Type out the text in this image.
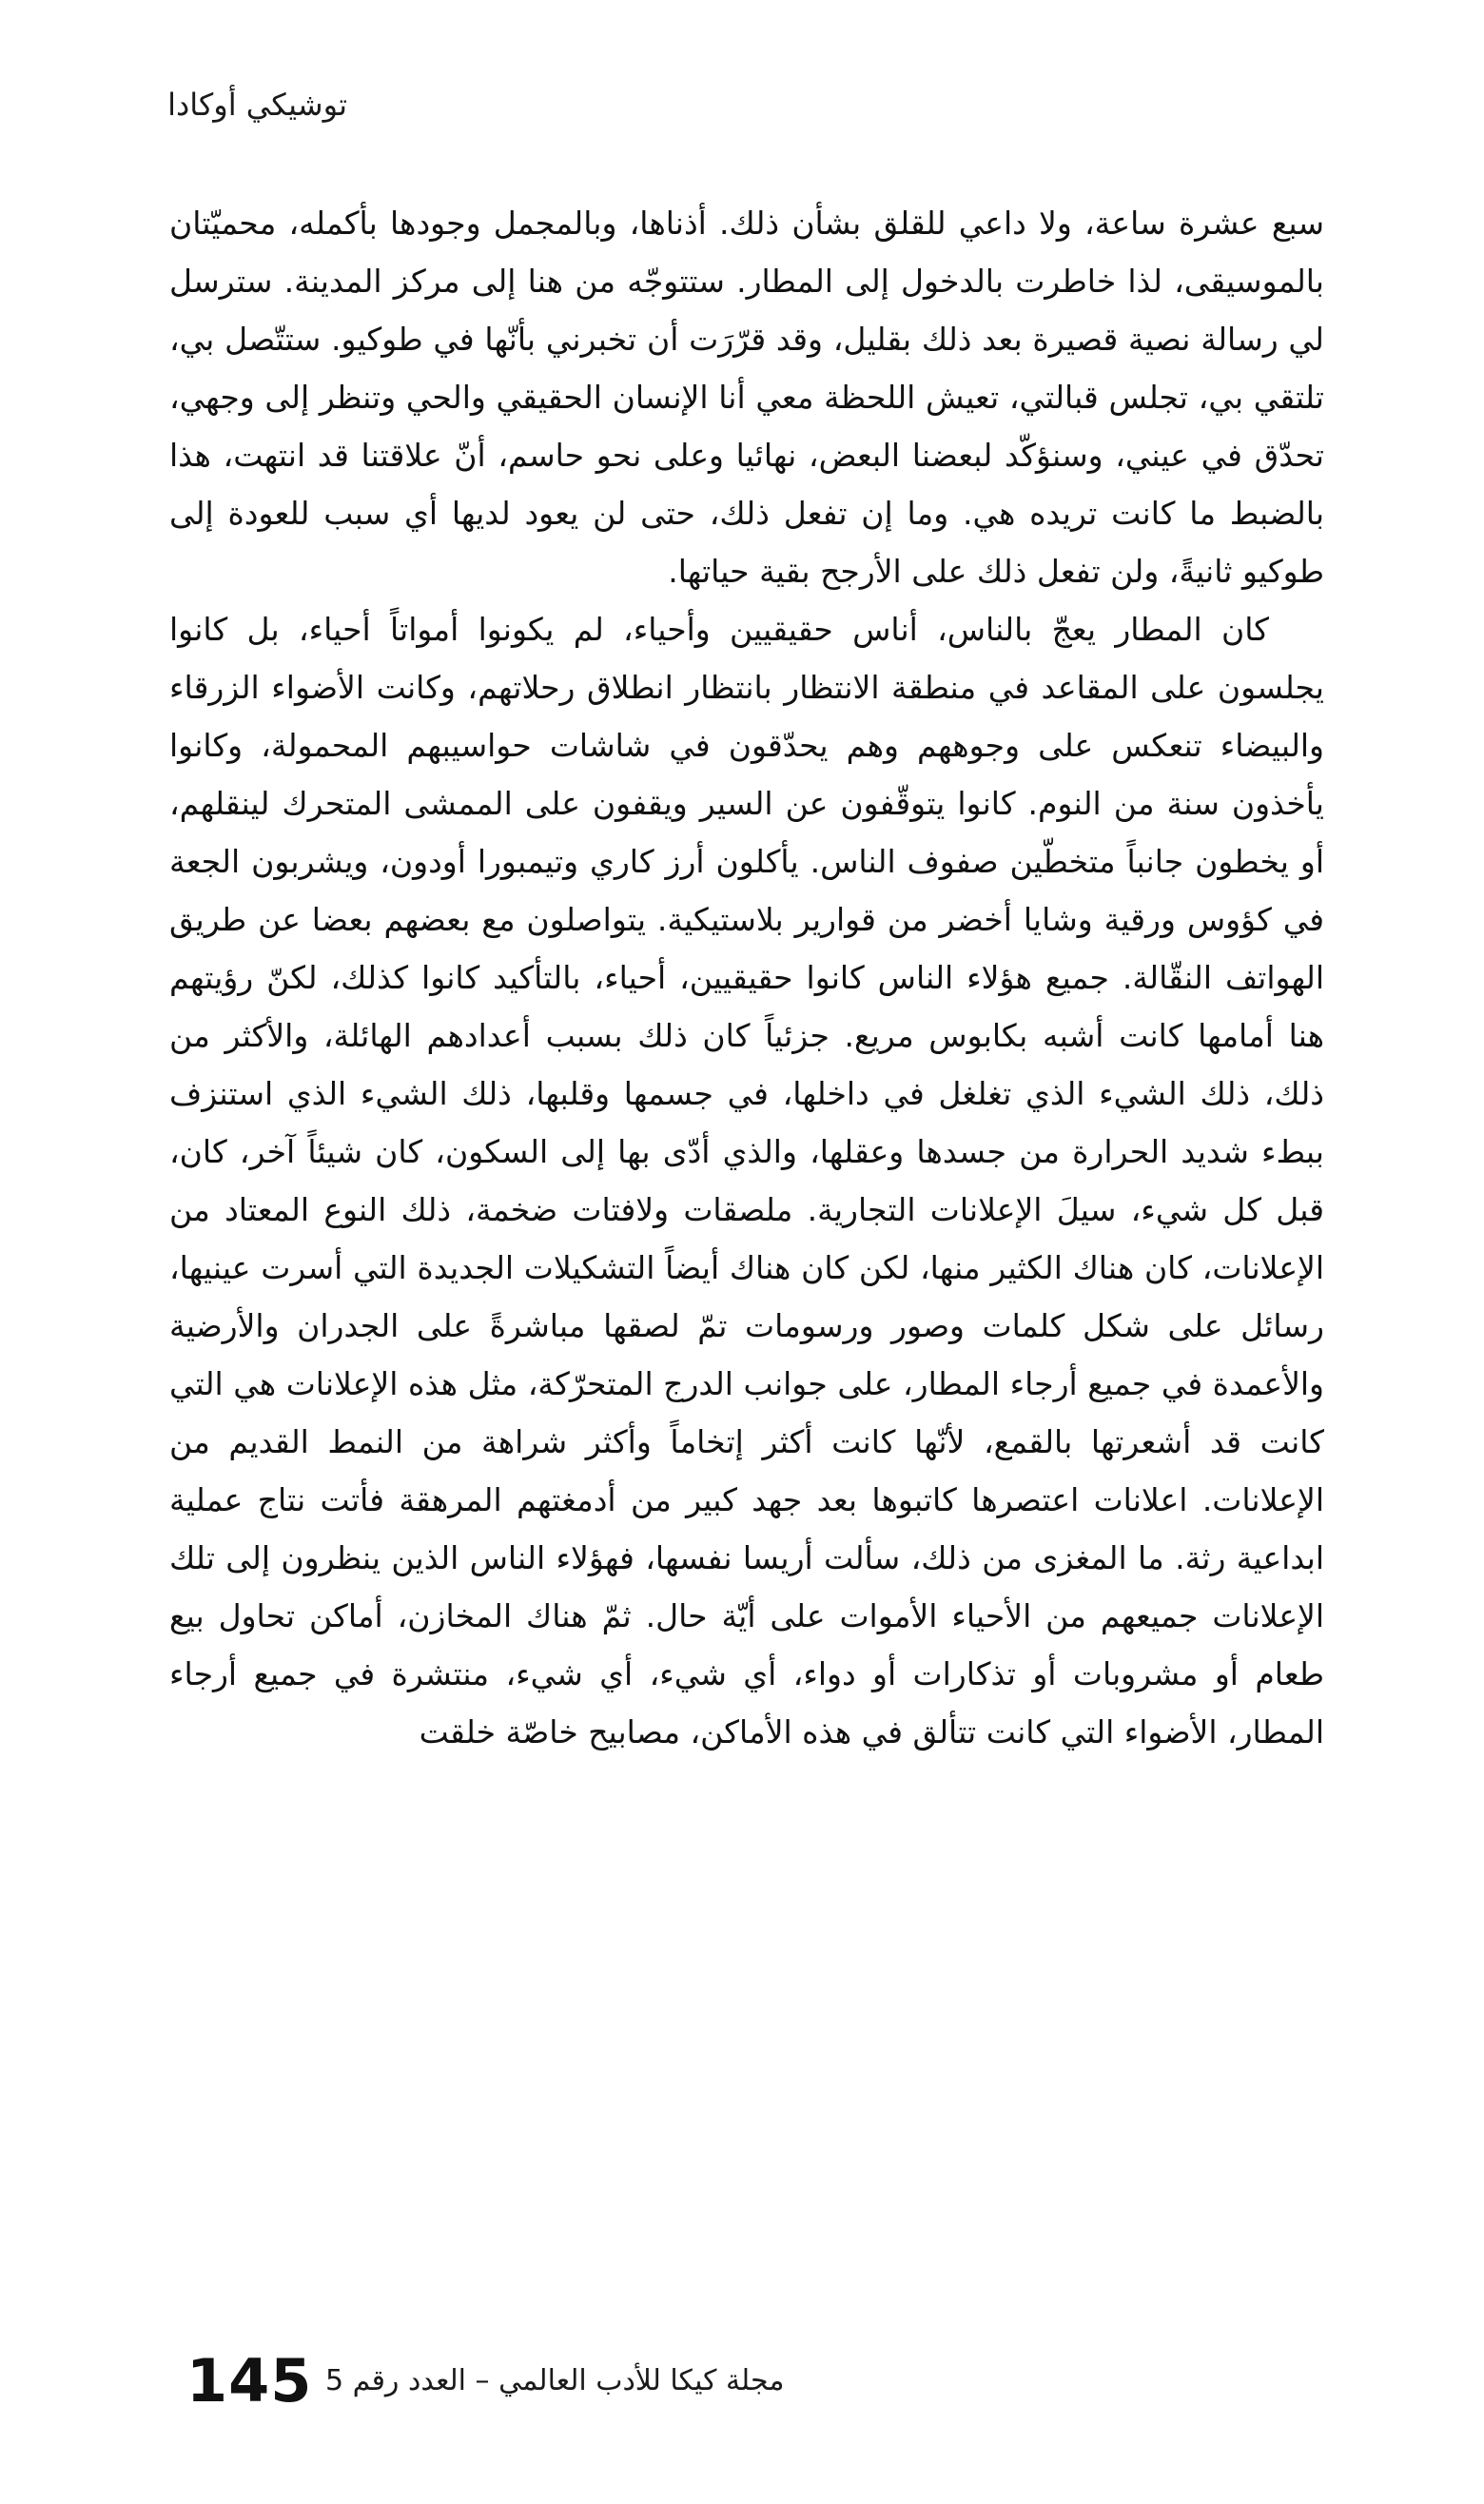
توشيكي أوكادا

سبع عشرة ساعة، ولا داعي للقلق بشأن ذلك. أذناها، وبالمجمل وجودها بأكمله، محميّتان بالموسيقى، لذا خاطرت بالدخول إلى المطار. ستتوجّه من هنا إلى مركز المدينة. سترسل لي رسالة نصية قصيرة بعد ذلك بقليل، وقد قرّرَت أن تخبرني بأنّها في طوكيو. ستتّصل بي، تلتقي بي، تجلس قبالتي، تعيش اللحظة معي أنا الإنسان الحقيقي والحي وتنظر إلى وجهي، تحدّق في عيني، وسنؤكّد لبعضنا البعض، نهائيا وعلى نحو حاسم، أنّ علاقتنا قد انتهت، هذا بالضبط ما كانت تريده هي. وما إن تفعل ذلك، حتى لن يعود لديها أي سبب للعودة إلى طوكيو ثانيةً، ولن تفعل ذلك على الأرجح بقية حياتها.

كان المطار يعجّ بالناس، أناس حقيقيين وأحياء، لم يكونوا أمواتاً أحياء، بل كانوا يجلسون على المقاعد في منطقة الانتظار بانتظار انطلاق رحلاتهم، وكانت الأضواء الزرقاء والبيضاء تنعكس على وجوههم وهم يحدّقون في شاشات حواسيبهم المحمولة، وكانوا يأخذون سنة من النوم. كانوا يتوقّفون عن السير ويقفون على الممشى المتحرك لينقلهم، أو يخطون جانباً متخطّين صفوف الناس. يأكلون أرز كاري وتيمبورا أودون، ويشربون الجعة في كؤوس ورقية وشايا أخضر من قوارير بلاستيكية. يتواصلون مع بعضهم بعضا عن طريق الهواتف النقّالة. جميع هؤلاء الناس كانوا حقيقيين، أحياء، بالتأكيد كانوا كذلك، لكنّ رؤيتهم هنا أمامها كانت أشبه بكابوس مريع. جزئياً كان ذلك بسبب أعدادهم الهائلة، والأكثر من ذلك، ذلك الشيء الذي تغلغل في داخلها، في جسمها وقلبها، ذلك الشيء الذي استنزف ببطء شديد الحرارة من جسدها وعقلها، والذي أدّى بها إلى السكون، كان شيئاً آخر، كان، قبل كل شيء، سيلَ الإعلانات التجارية. ملصقات ولافتات ضخمة، ذلك النوع المعتاد من الإعلانات، كان هناك الكثير منها، لكن كان هناك أيضاً التشكيلات الجديدة التي أسرت عينيها، رسائل على شكل كلمات وصور ورسومات تمّ لصقها مباشرةً على الجدران والأرضية والأعمدة في جميع أرجاء المطار، على جوانب الدرج المتحرّكة، مثل هذه الإعلانات هي التي كانت قد أشعرتها بالقمع، لأنّها كانت أكثر إتخاماً وأكثر شراهة من النمط القديم من الإعلانات. اعلانات اعتصرها كاتبوها بعد جهد كبير من أدمغتهم المرهقة فأتت نتاج عملية ابداعية رثة. ما المغزى من ذلك، سألت أريسا نفسها، فهؤلاء الناس الذين ينظرون إلى تلك الإعلانات جميعهم من الأحياء الأموات على أيّة حال. ثمّ هناك المخازن، أماكن تحاول بيع طعام أو مشروبات أو تذكارات أو دواء، أي شيء، أي شيء، منتشرة في جميع أرجاء المطار، الأضواء التي كانت تتألق في هذه الأماكن، مصابيح خاصّة خلقت

145 مجلة كيكا للأدب العالمي – العدد رقم 5
